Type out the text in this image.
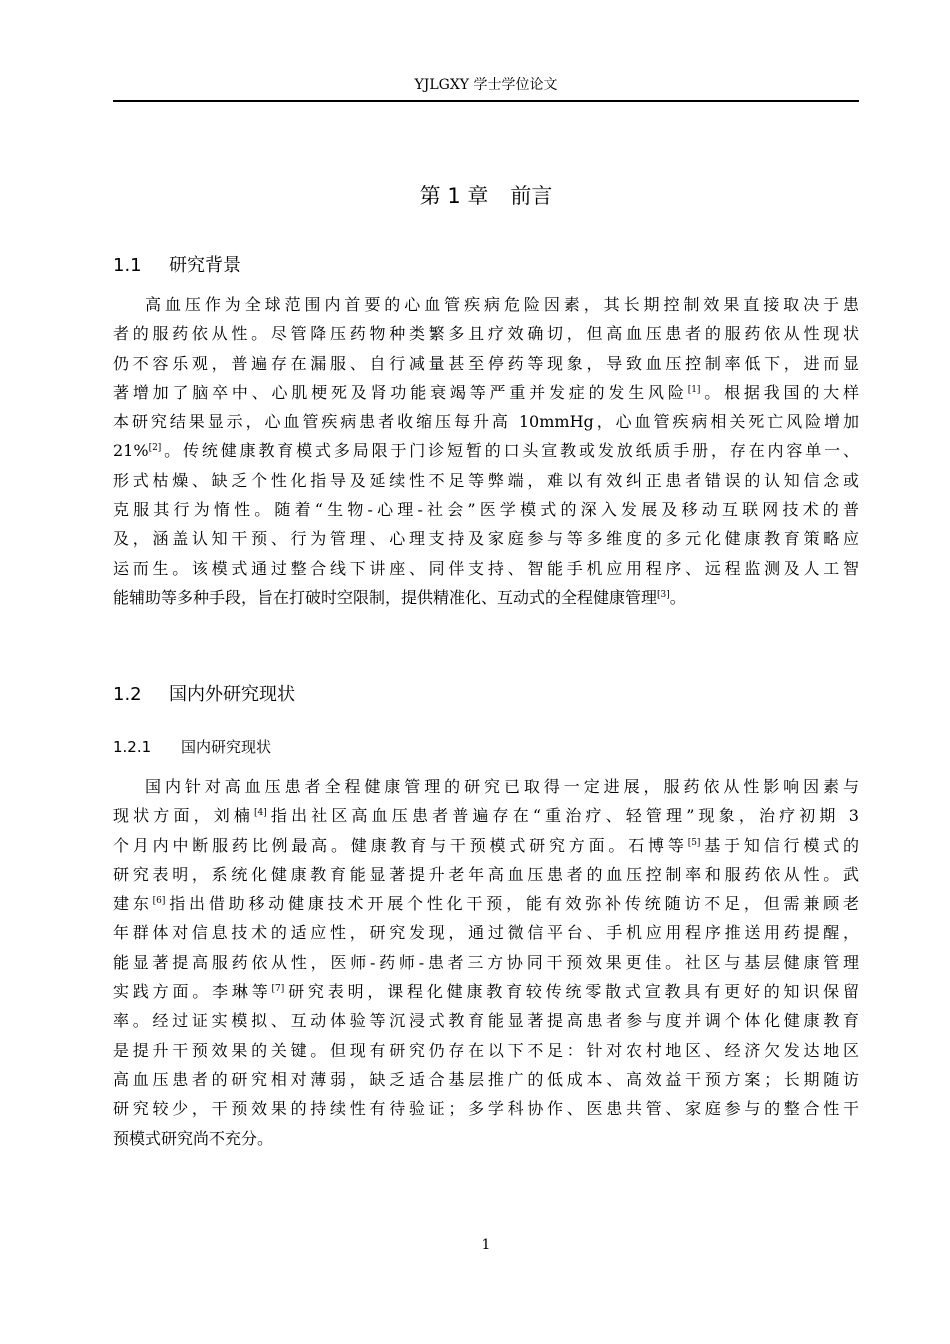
YJLGXY 学士学位论文
第 1 章 前言
1.1 研究背景
高血压作为全球范围内首要的心血管疾病危险因素，其长期控制效果直接取决于患
者的服药依从性。尽管降压药物种类繁多且疗效确切，但高血压患者的服药依从性现状
仍不容乐观，普遍存在漏服、自行减量甚至停药等现象，导致血压控制率低下，进而显
著增加了脑卒中、心肌梗死及肾功能衰竭等严重并发症的发生风险[1]。根据我国的大样
本研究结果显示，心血管疾病患者收缩压每升高 10mmHg，心血管疾病相关死亡风险增加
21%[2]。传统健康教育模式多局限于门诊短暂的口头宣教或发放纸质手册，存在内容单一、
形式枯燥、缺乏个性化指导及延续性不足等弊端，难以有效纠正患者错误的认知信念或
克服其行为惰性。随着“生物-心理-社会”医学模式的深入发展及移动互联网技术的普
及，涵盖认知干预、行为管理、心理支持及家庭参与等多维度的多元化健康教育策略应
运而生。该模式通过整合线下讲座、同伴支持、智能手机应用程序、远程监测及人工智
能辅助等多种手段，旨在打破时空限制，提供精准化、互动式的全程健康管理[3]。
1.2 国内外研究现状
1.2.1 国内研究现状
国内针对高血压患者全程健康管理的研究已取得一定进展，服药依从性影响因素与
现状方面，刘楠[4]指出社区高血压患者普遍存在“重治疗、轻管理”现象，治疗初期 3
个月内中断服药比例最高。健康教育与干预模式研究方面。石博等[5]基于知信行模式的
研究表明，系统化健康教育能显著提升老年高血压患者的血压控制率和服药依从性。武
建东[6]指出借助移动健康技术开展个性化干预，能有效弥补传统随访不足，但需兼顾老
年群体对信息技术的适应性，研究发现，通过微信平台、手机应用程序推送用药提醒，
能显著提高服药依从性，医师-药师-患者三方协同干预效果更佳。社区与基层健康管理
实践方面。李琳等[7]研究表明，课程化健康教育较传统零散式宣教具有更好的知识保留
率。经过证实模拟、互动体验等沉浸式教育能显著提高患者参与度并调个体化健康教育
是提升干预效果的关键。但现有研究仍存在以下不足：针对农村地区、经济欠发达地区
高血压患者的研究相对薄弱，缺乏适合基层推广的低成本、高效益干预方案；长期随访
研究较少，干预效果的持续性有待验证；多学科协作、医患共管、家庭参与的整合性干
预模式研究尚不充分。
1
